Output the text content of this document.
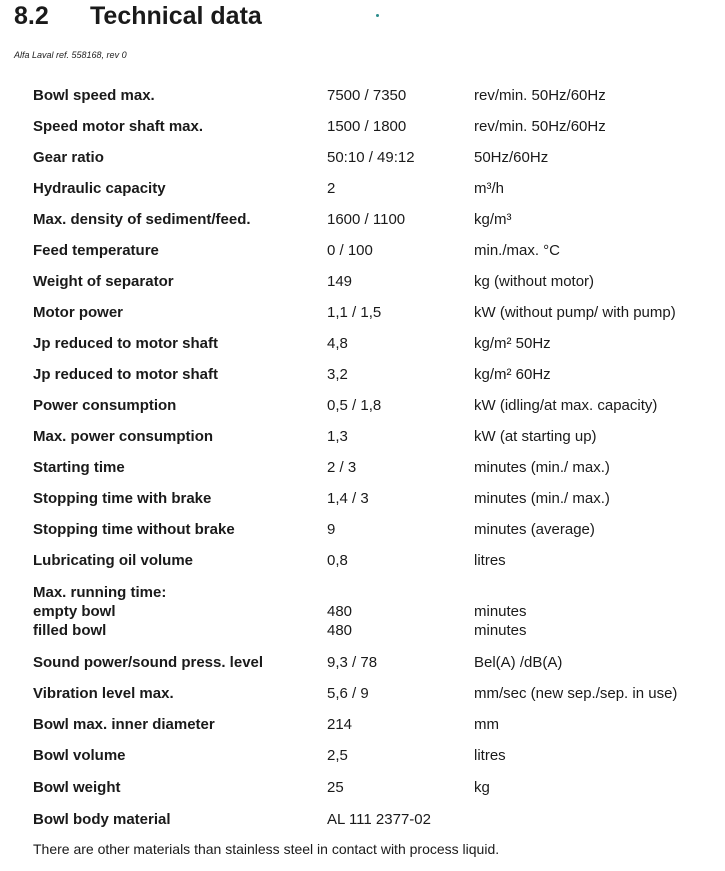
8.2	Technical data
Alfa Laval ref. 558168, rev 0
Bowl speed max.	7500 / 7350	rev/min. 50Hz/60Hz
Speed motor shaft max.	1500 / 1800	rev/min. 50Hz/60Hz
Gear ratio	50:10 / 49:12	50Hz/60Hz
Hydraulic capacity	2	m³/h
Max. density of sediment/feed.	1600 / 1100	kg/m³
Feed temperature	0 / 100	min./max. °C
Weight of separator	149	kg (without motor)
Motor power	1,1 / 1,5	kW (without pump/ with pump)
Jp reduced to motor shaft	4,8	kg/m² 50Hz
Jp reduced to motor shaft	3,2	kg/m² 60Hz
Power consumption	0,5 / 1,8	kW (idling/at max. capacity)
Max. power consumption	1,3	kW (at starting up)
Starting time	2 / 3	minutes (min./ max.)
Stopping time with brake	1,4 / 3	minutes (min./ max.)
Stopping time without brake	9	minutes (average)
Lubricating oil volume	0,8	litres
Max. running time:
empty bowl	480	minutes
filled bowl	480	minutes
Sound power/sound press. level	9,3 / 78	Bel(A) /dB(A)
Vibration level max.	5,6 / 9	mm/sec (new sep./sep. in use)
Bowl max. inner diameter	214	mm
Bowl volume	2,5	litres
Bowl weight	25	kg
Bowl body material	AL 111 2377-02
There are other materials than stainless steel in contact with process liquid.
